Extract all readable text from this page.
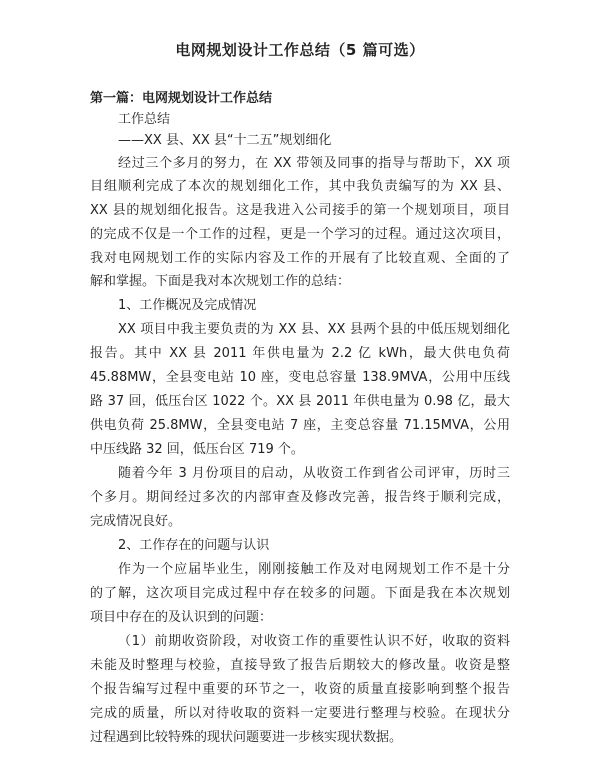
电网规划设计工作总结（5 篇可选）
第一篇：电网规划设计工作总结
工作总结
——XX 县、XX 县“十二五”规划细化
经过三个多月的努力，在 XX 带领及同事的指导与帮助下，XX 项
目组顺利完成了本次的规划细化工作，其中我负责编写的为 XX 县、
XX 县的规划细化报告。这是我进入公司接手的第一个规划项目，项目
的完成不仅是一个工作的过程，更是一个学习的过程。通过这次项目，
我对电网规划工作的实际内容及工作的开展有了比较直观、全面的了
解和掌握。下面是我对本次规划工作的总结：
1、工作概况及完成情况
XX 项目中我主要负责的为 XX 县、XX 县两个县的中低压规划细化
报告。其中 XX 县 2011 年供电量为 2.2 亿 kWh，最大供电负荷
45.88MW，全县变电站 10 座，变电总容量 138.9MVA，公用中压线
路 37 回，低压台区 1022 个。XX 县 2011 年供电量为 0.98 亿，最大
供电负荷 25.8MW，全县变电站 7 座，主变总容量 71.15MVA，公用
中压线路 32 回，低压台区 719 个。
随着今年 3 月份项目的启动，从收资工作到省公司评审，历时三
个多月。期间经过多次的内部审查及修改完善，报告终于顺利完成，
完成情况良好。
2、工作存在的问题与认识
作为一个应届毕业生，刚刚接触工作及对电网规划工作不是十分
的了解，这次项目完成过程中存在较多的问题。下面是我在本次规划
项目中存在的及认识到的问题：
（1）前期收资阶段，对收资工作的重要性认识不好，收取的资料
未能及时整理与校验，直接导致了报告后期较大的修改量。收资是整
个报告编写过程中重要的环节之一，收资的质量直接影响到整个报告
完成的质量，所以对待收取的资料一定要进行整理与校验。在现状分
过程遇到比较特殊的现状问题要进一步核实现状数据。
